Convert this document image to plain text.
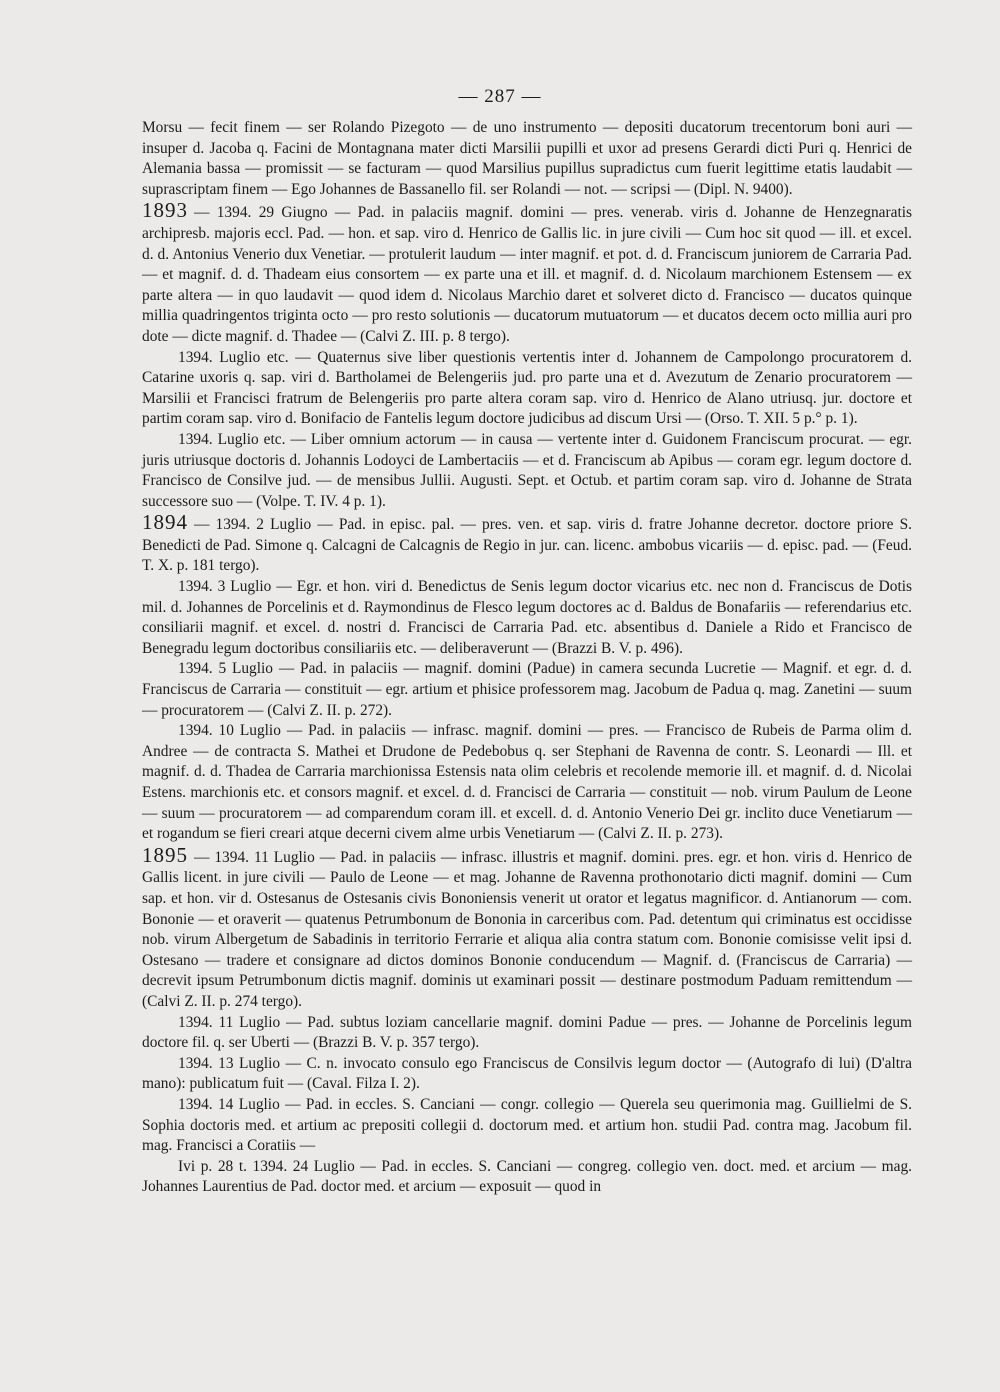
— 287 —

Morsu — fecit finem — ser Rolando Pizegoto — de uno instrumento — depositi ducatorum trecentorum boni auri — insuper d. Jacoba q. Facini de Montagnana mater dicti Marsilii pupilli et uxor ad presens Gerardi dicti Puri q. Henrici de Alemania bassa — promissit — se facturam — quod Marsilius pupillus supradictus cum fuerit legittime etatis laudabit — suprascriptam finem — Ego Johannes de Bassanello fil. ser Rolandi — not. — scripsi — (Dipl. N. 9400).

1893 — 1394. 29 Giugno — Pad. in palaciis magnif. domini — pres. venerab. viris d. Johanne de Henzegnaratis archipresb. majoris eccl. Pad. — hon. et sap. viro d. Henrico de Gallis lic. in jure civili — Cum hoc sit quod — ill. et excel. d. d. Antonius Venerio dux Venetiar. — protulerit laudum — inter magnif. et pot. d. d. Franciscum juniorem de Carraria Pad. — et magnif. d. d. Thadeam eius consortem — ex parte una et ill. et magnif. d. d. Nicolaum marchionem Estensem — ex parte altera — in quo laudavit — quod idem d. Nicolaus Marchio daret et solveret dicto d. Francisco — ducatos quinque millia quadringentos triginta octo — pro resto solutionis — ducatorum mutuatorum — et ducatos decem octo millia auri pro dote — dicte magnif. d. Thadee — (Calvi Z. III. p. 8 tergo).

1394. Luglio etc. — Quaternus sive liber questionis vertentis inter d. Johannem de Campolongo procuratorem d. Catarine uxoris q. sap. viri d. Bartholamei de Belengeriis jud. pro parte una et d. Avezutum de Zenario procuratorem — Marsilii et Francisci fratrum de Belengeriis pro parte altera coram sap. viro d. Henrico de Alano utriusq. jur. doctore et partim coram sap. viro d. Bonifacio de Fantelis legum doctore judicibus ad discum Ursi — (Orso. T. XII. 5 p.° p. 1).

1394. Luglio etc. — Liber omnium actorum — in causa — vertente inter d. Guidonem Franciscum procurat. — egr. juris utriusque doctoris d. Johannis Lodoyci de Lambertaciis — et d. Franciscum ab Apibus — coram egr. legum doctore d. Francisco de Consilve jud. — de mensibus Jullii. Augusti. Sept. et Octub. et partim coram sap. viro d. Johanne de Strata successore suo — (Volpe. T. IV. 4 p. 1).

1894 — 1394. 2 Luglio — Pad. in episc. pal. — pres. ven. et sap. viris d. fratre Johanne decretor. doctore priore S. Benedicti de Pad. Simone q. Calcagni de Calcagnis de Regio in jur. can. licenc. ambobus vicariis — d. episc. pad. — (Feud. T. X. p. 181 tergo).

1394. 3 Luglio — Egr. et hon. viri d. Benedictus de Senis legum doctor vicarius etc. nec non d. Franciscus de Dotis mil. d. Johannes de Porcelinis et d. Raymondinus de Flesco legum doctores ac d. Baldus de Bonafariis — referendarius etc. consiliarii magnif. et excel. d. nostri d. Francisci de Carraria Pad. etc. absentibus d. Daniele a Rido et Francisco de Benegradu legum doctoribus consiliariis etc. — deliberaverunt — (Brazzi B. V. p. 496).

1394. 5 Luglio — Pad. in palaciis — magnif. domini (Padue) in camera secunda Lucretie — Magnif. et egr. d. d. Franciscus de Carraria — constituit — egr. artium et phisice professorem mag. Jacobum de Padua q. mag. Zanetini — suum — procuratorem — (Calvi Z. II. p. 272).

1394. 10 Luglio — Pad. in palaciis — infrasc. magnif. domini — pres. — Francisco de Rubeis de Parma olim d. Andree — de contracta S. Mathei et Drudone de Pedebobus q. ser Stephani de Ravenna de contr. S. Leonardi — Ill. et magnif. d. d. Thadea de Carraria marchionissa Estensis nata olim celebris et recolende memorie ill. et magnif. d. d. Nicolai Estens. marchionis etc. et consors magnif. et excel. d. d. Francisci de Carraria — constituit — nob. virum Paulum de Leone — suum — procuratorem — ad comparendum coram ill. et excell. d. d. Antonio Venerio Dei gr. inclito duce Venetiarum — et rogandum se fieri creari atque decerni civem alme urbis Venetiarum — (Calvi Z. II. p. 273).

1895 — 1394. 11 Luglio — Pad. in palaciis — infrasc. illustris et magnif. domini. pres. egr. et hon. viris d. Henrico de Gallis licent. in jure civili — Paulo de Leone — et mag. Johanne de Ravenna prothonotario dicti magnif. domini — Cum sap. et hon. vir d. Ostesanus de Ostesanis civis Bononiensis venerit ut orator et legatus magnificor. d. Antianorum — com. Bononie — et oraverit — quatenus Petrumbonum de Bononia in carceribus com. Pad. detentum qui criminatus est occidisse nob. virum Albergetum de Sabadinis in territorio Ferrarie et aliqua alia contra statum com. Bononie comisisse velit ipsi d. Ostesano — tradere et consignare ad dictos dominos Bononie conducendum — Magnif. d. (Franciscus de Carraria) — decrevit ipsum Petrumbonum dictis magnif. dominis ut examinari possit — destinare postmodum Paduam remittendum — (Calvi Z. II. p. 274 tergo).

1394. 11 Luglio — Pad. subtus loziam cancellarie magnif. domini Padue — pres. — Johanne de Porcelinis legum doctore fil. q. ser Uberti — (Brazzi B. V. p. 357 tergo).

1394. 13 Luglio — C. n. invocato consulo ego Franciscus de Consilvis legum doctor — (Autografo di lui) (D'altra mano): publicatum fuit — (Caval. Filza I. 2).

1394. 14 Luglio — Pad. in eccles. S. Canciani — congr. collegio — Querela seu querimonia mag. Guillielmi de S. Sophia doctoris med. et artium ac prepositi collegii d. doctorum med. et artium hon. studii Pad. contra mag. Jacobum fil. mag. Francisci a Coratiis —

Ivi p. 28 t. 1394. 24 Luglio — Pad. in eccles. S. Canciani — congreg. collegio ven. doct. med. et arcium — mag. Johannes Laurentius de Pad. doctor med. et arcium — exposuit — quod in
